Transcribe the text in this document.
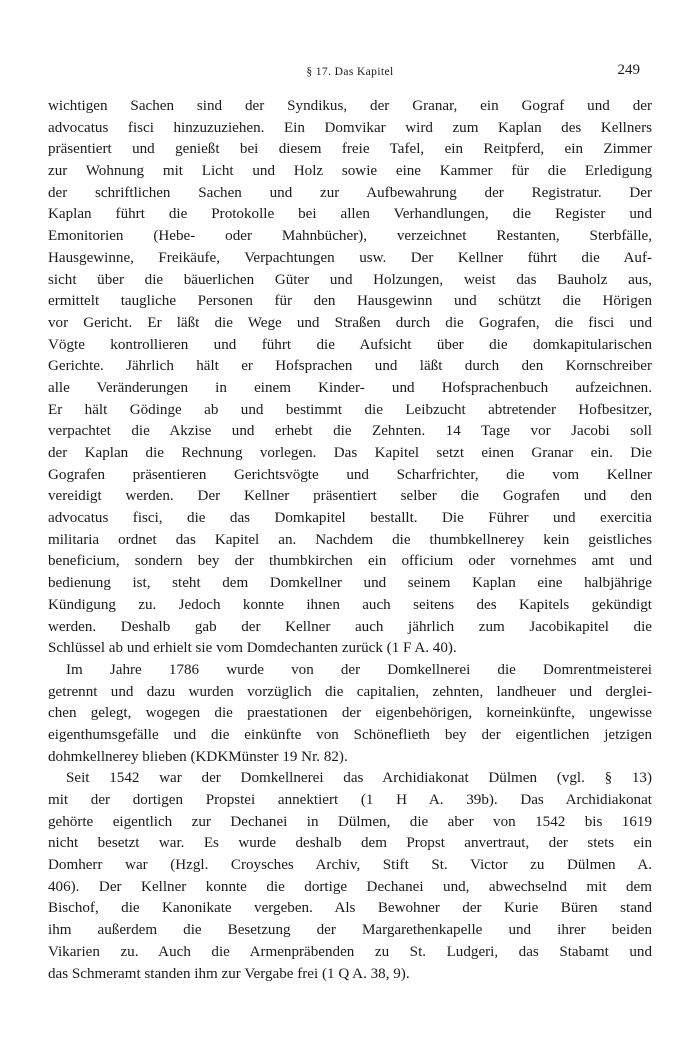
§ 17. Das Kapitel	249
wichtigen Sachen sind der Syndikus, der Granar, ein Gograf und der
advocatus fisci hinzuzuziehen. Ein Domvikar wird zum Kaplan des Kellners
präsentiert und genießt bei diesem freie Tafel, ein Reitpferd, ein Zimmer
zur Wohnung mit Licht und Holz sowie eine Kammer für die Erledigung
der schriftlichen Sachen und zur Aufbewahrung der Registratur. Der
Kaplan führt die Protokolle bei allen Verhandlungen, die Register und
Emonitorien (Hebe- oder Mahnbücher), verzeichnet Restanten, Sterbfälle,
Hausgewinne, Freikäufe, Verpachtungen usw. Der Kellner führt die Auf-
sicht über die bäuerlichen Güter und Holzungen, weist das Bauholz aus,
ermittelt taugliche Personen für den Hausgewinn und schützt die Hörigen
vor Gericht. Er läßt die Wege und Straßen durch die Gografen, die fisci und
Vögte kontrollieren und führt die Aufsicht über die domkapitularischen
Gerichte. Jährlich hält er Hofsprachen und läßt durch den Kornschreiber
alle Veränderungen in einem Kinder- und Hofsprachenbuch aufzeichnen.
Er hält Gödinge ab und bestimmt die Leibzucht abtretender Hofbesitzer,
verpachtet die Akzise und erhebt die Zehnten. 14 Tage vor Jacobi soll
der Kaplan die Rechnung vorlegen. Das Kapitel setzt einen Granar ein. Die
Gografen präsentieren Gerichtsvögte und Scharfrichter, die vom Kellner
vereidigt werden. Der Kellner präsentiert selber die Gografen und den
advocatus fisci, die das Domkapitel bestallt. Die Führer und exercitia
militaria ordnet das Kapitel an. Nachdem die thumbkellnerey kein geistliches
beneficium, sondern bey der thumbkirchen ein officium oder vornehmes amt und
bedienung ist, steht dem Domkellner und seinem Kaplan eine halbjährige
Kündigung zu. Jedoch konnte ihnen auch seitens des Kapitels gekündigt
werden. Deshalb gab der Kellner auch jährlich zum Jacobikapitel die
Schlüssel ab und erhielt sie vom Domdechanten zurück (1 F A. 40).
Im Jahre 1786 wurde von der Domkellnerei die Domrentmeisterei
getrennt und dazu wurden vorzüglich die capitalien, zehnten, landheuer und derglei-
chen gelegt, wogegen die praestationen der eigenbehörigen, korneinkünfte, ungewisse
eigenthumsgefälle und die einkünfte von Schöneflieth bey der eigentlichen jetzigen
dohmkellnerey blieben (KDKMünster 19 Nr. 82).
Seit 1542 war der Domkellnerei das Archidiakonat Dülmen (vgl. § 13)
mit der dortigen Propstei annektiert (1 H A. 39b). Das Archidiakonat
gehörte eigentlich zur Dechanei in Dülmen, die aber von 1542 bis 1619
nicht besetzt war. Es wurde deshalb dem Propst anvertraut, der stets ein
Domherr war (Hzgl. Croysches Archiv, Stift St. Victor zu Dülmen A.
406). Der Kellner konnte die dortige Dechanei und, abwechselnd mit dem
Bischof, die Kanonikate vergeben. Als Bewohner der Kurie Büren stand
ihm außerdem die Besetzung der Margarethenkapelle und ihrer beiden
Vikarien zu. Auch die Armenpräbenden zu St. Ludgeri, das Stabamt und
das Schmeramt standen ihm zur Vergabe frei (1 Q A. 38, 9).
